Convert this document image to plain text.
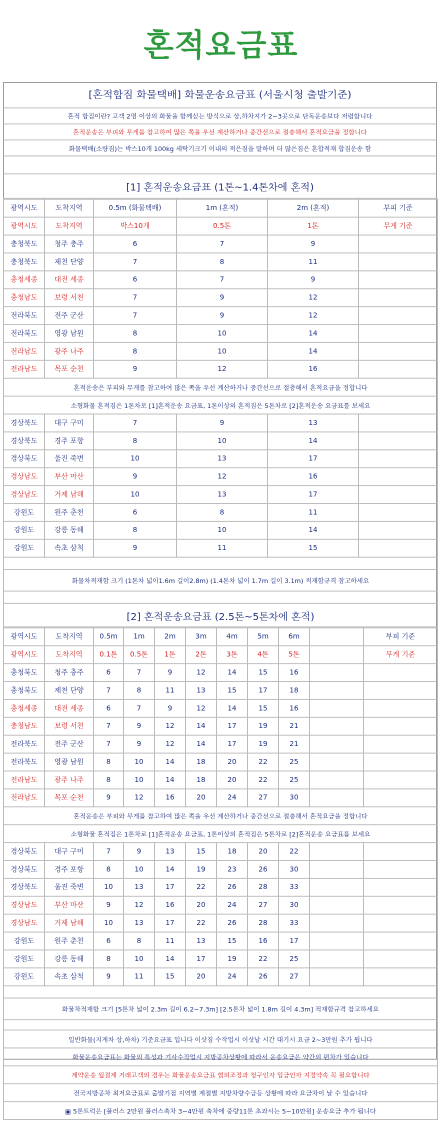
혼적요금표
[혼적합짐 화물택배] 화물운송요금표 (서울시청 출발기준)
혼적 합짐이란? 고객 2명 이상의 화물을 함께싣는 방식으로 상,하차지가 2~3곳으로 단독운송보다 저렴합니다
혼적운송은 부피와 무게를 참고하여 많은 쪽을 우선 계산하거나 중간선으로 절충해서 혼적요금을 정합니다
화물택배(소량짐)는 박스10개 100kg 세탁기크기 이내의 적은짐을 말하며 더 많은짐은 혼합적재 합짐운송 함
[1] 혼적운송요금표 (1톤~1.4톤차에 혼적)
광역시도	도착지역	0.5m (화물택배)	1m (혼적)	2m (혼적)	부피 기준
광역시도	도착지역	박스10개	0.5톤	1톤	무게 기준
충청북도	청주 충주	6	7	9	
충청북도	제천 단양	7	8	11	
충청세종	대전 세종	6	7	9	
충청남도	보령 서천	7	9	12	
전라북도	전주 군산	7	9	12	
전라북도	영광 남원	8	10	14	
전라남도	광주 나주	8	10	14	
전라남도	목포 순천	9	12	16	
혼적운송은 부피와 무게를 참고하여 많은 쪽을 우선 계산하거나 중간선으로 절충해서 혼적요금을 정합니다					
소형화물 혼적짐은 1톤차로 [1]혼적운송 요금표, 1톤이상의 혼적짐은 5톤차로 [2]혼적운송 요금표를 보세요					
경상북도	대구 구미	7	9	13	
경상북도	경주 포항	8	10	14	
경상북도	울진 죽변	10	13	17	
경상남도	부산 마산	9	12	16	
경상남도	거제 남해	10	13	17	
강원도	원주 춘천	6	8	11	
강원도	강릉 동해	8	10	14	
강원도	속초 삼척	9	11	15	

화물차적재함 크기 (1톤차 넓이1.6m 길이2.8m) (1.4톤차 넓이 1.7m 길이 3.1m) 적재함규격 참고하세요					

[2] 혼적운송요금표 (2.5톤~5톤차에 혼적)					
광역시도	도착지역	0.5m	1m	2m	3m	4m	5m	6m		부피 기준
광역시도	도착지역	0.1톤	0.5톤	1톤	2톤	3톤	4톤	5톤		무게 기준
충청북도	청주 충주	6	7	9	12	14	15	16		
충청북도	제천 단양	7	8	11	13	15	17	18		
충청세종	대전 세종	6	7	9	12	14	15	16		
충청남도	보령 서천	7	9	12	14	17	19	21		
전라북도	전주 군산	7	9	12	14	17	19	21		
전라북도	영광 남원	8	10	14	18	20	22	25		
전라남도	광주 나주	8	10	14	18	20	22	25		
전라남도	목포 순천	9	12	16	20	24	27	30		
혼적운송은 부피와 무게를 참고하여 많은 쪽을 우선 계산하거나 중간선으로 절충해서 혼적요금을 정합니다										
소형화물 혼적짐은 1톤차로 [1]혼적운송 요금표, 1톤이상의 혼적짐은 5톤차로 [2]혼적운송 요금표를 보세요										
경상북도	대구 구미	7	9	13	15	18	20	22		
경상북도	경주 포항	8	10	14	19	23	26	30		
경상북도	울진 죽변	10	13	17	22	26	28	33		
경상남도	부산 마산	9	12	16	20	24	27	30		
경상남도	거제 남해	10	13	17	22	26	28	33		
강원도	원주 춘천	6	8	11	13	15	16	17		
강원도	강릉 동해	8	10	14	17	19	22	25		
강원도	속초 삼척	9	11	15	20	24	26	27		

화물차적재함 크기 [5톤차 넓이 2.3m 길이 6.2~7.3m] [2.5톤차 넓이 1.8m 길이 4.3m] 적재함규격 참고하세요										

일반화물(지게차 상,하차) 기준요금표 입니다 이삿짐 수작업시 이삿날 시간 대기시 요금 2~3만원 추가 됩니다										
화물운송요금표는 화물의 특성과 기사수작업시 지방공차상황에 따라서 운송요금은 약간의 편차가 있습니다										
계약운송 월결제 거래고객의 경우는 화물운송요금표 협의조정과 청구인자 입금인자 지정약속 꼭 필요합니다										
전국지방공차 최저요금표로 출발기점 지역별 계절별 지방차량수급등 상황에 따라 요금차이 날 수 있습니다										
▣ 5톤트럭은 [플러스 2만원 플러스축차 3~4만원 축차에 중량11톤 초과시는 5~10만원] 운송요금 추가 됩니다										
